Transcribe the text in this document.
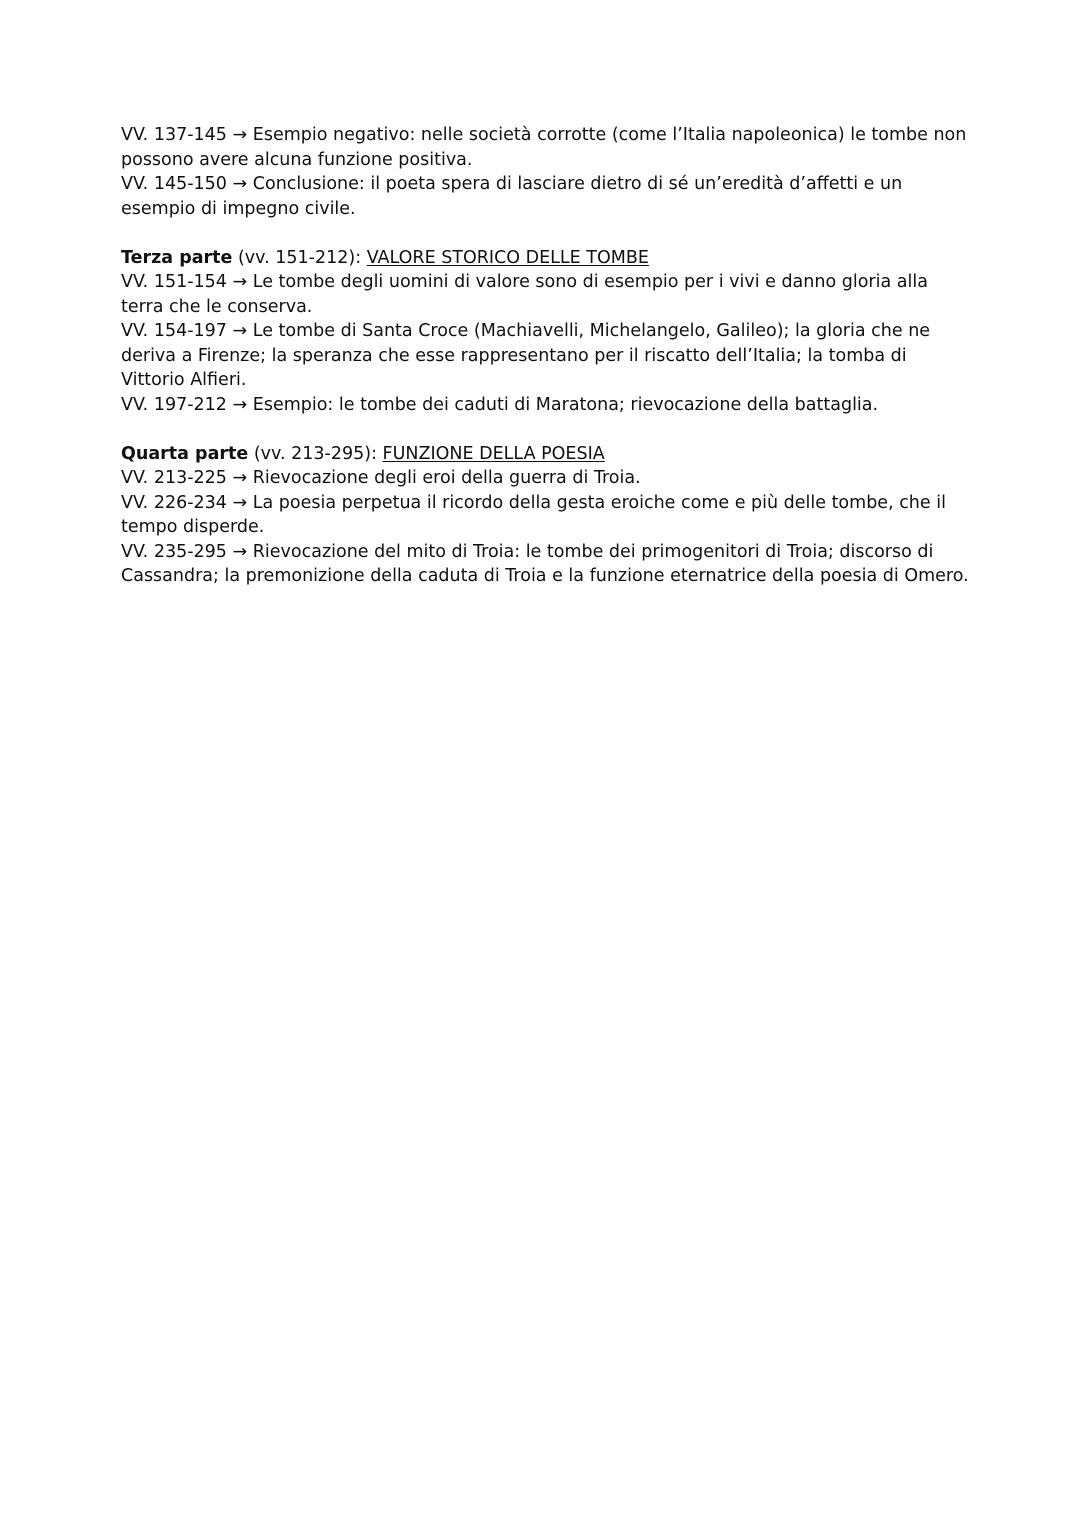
VV. 137-145 → Esempio negativo: nelle società corrotte (come l’Italia napoleonica) le tombe non possono avere alcuna funzione positiva.

VV. 145-150 → Conclusione: il poeta spera di lasciare dietro di sé un’eredità d’affetti e un esempio di impegno civile.

Terza parte (vv. 151-212): VALORE STORICO DELLE TOMBE

VV. 151-154 → Le tombe degli uomini di valore sono di esempio per i vivi e danno gloria alla terra che le conserva.

VV. 154-197 → Le tombe di Santa Croce (Machiavelli, Michelangelo, Galileo); la gloria che ne deriva a Firenze; la speranza che esse rappresentano per il riscatto dell’Italia; la tomba di Vittorio Alfieri.

VV. 197-212 → Esempio: le tombe dei caduti di Maratona; rievocazione della battaglia.

Quarta parte (vv. 213-295): FUNZIONE DELLA POESIA

VV. 213-225 → Rievocazione degli eroi della guerra di Troia.

VV. 226-234 → La poesia perpetua il ricordo della gesta eroiche come e più delle tombe, che il tempo disperde.

VV. 235-295 → Rievocazione del mito di Troia: le tombe dei primogenitori di Troia; discorso di Cassandra; la premonizione della caduta di Troia e la funzione eternatrice della poesia di Omero.
